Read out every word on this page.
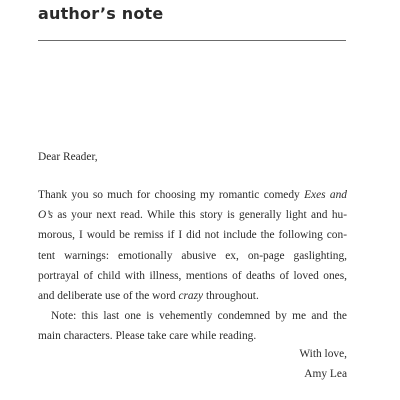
author’s note

Dear Reader,

Thank you so much for choosing my romantic comedy Exes and
O’s as your next read. While this story is generally light and hu-
morous, I would be remiss if I did not include the following con-
tent warnings: emotionally abusive ex, on-page gaslighting,
portrayal of child with illness, mentions of deaths of loved ones,
and deliberate use of the word crazy throughout.

Note: this last one is vehemently condemned by me and the
main characters. Please take care while reading.

With love,
Amy Lea
